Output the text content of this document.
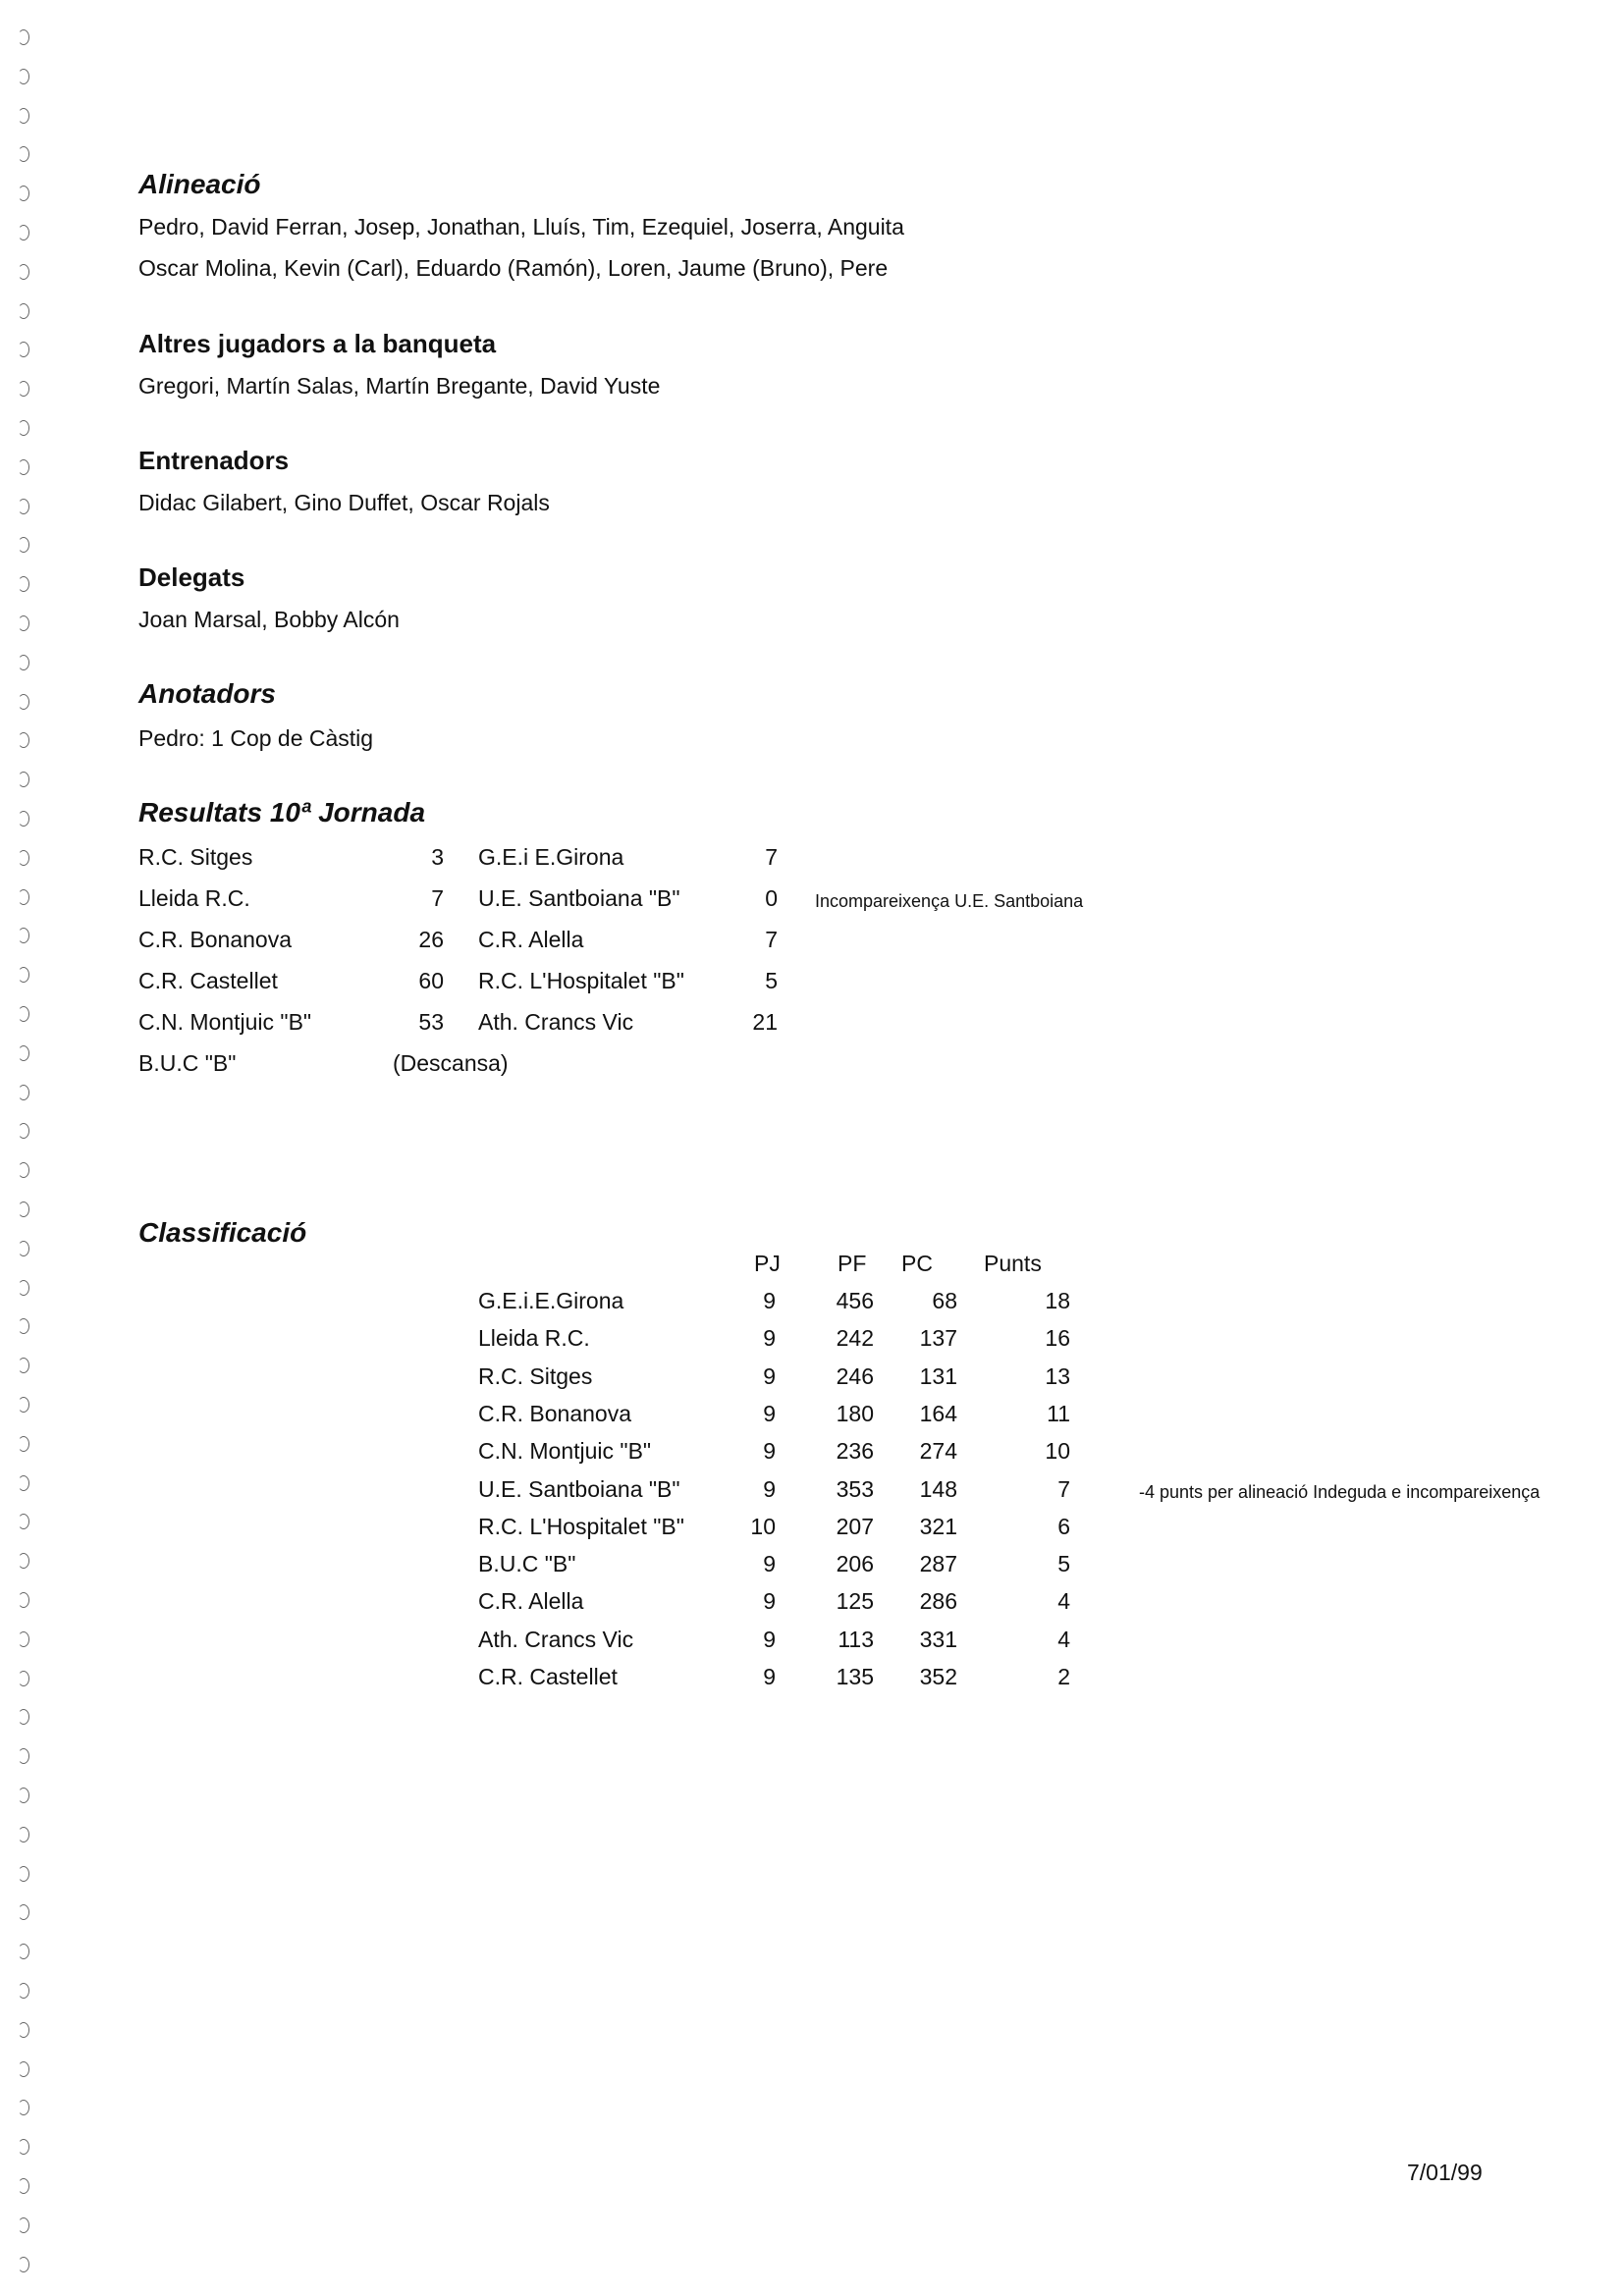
Alineació
Pedro, David Ferran, Josep, Jonathan, Lluís, Tim, Ezequiel, Joserra, Anguita
Oscar Molina, Kevin (Carl), Eduardo (Ramón), Loren, Jaume (Bruno), Pere
Altres jugadors a la banqueta
Gregori, Martín Salas, Martín Bregante, David Yuste
Entrenadors
Didac Gilabert, Gino Duffet, Oscar Rojals
Delegats
Joan Marsal, Bobby Alcón
Anotadors
Pedro: 1 Cop de Càstig
Resultats 10ª Jornada
R.C. Sitges	3 G.E.i E.Girona	7
Lleida R.C.	7 U.E. Santboiana "B"	0 Incompareixença U.E. Santboiana
C.R. Bonanova	26 C.R. Alella	7
C.R. Castellet	60 R.C. L'Hospitalet "B"	5
C.N. Montjuic "B"	53 Ath. Crancs Vic	21
B.U.C "B"	(Descansa)
Classificació
PJ	PF PC Punts
G.E.i.E.Girona	9	456	68	18
Lleida R.C.	9	242	137	16
R.C. Sitges	9	246	131	13
C.R. Bonanova	9	180	164	11
C.N. Montjuic "B"	9	236	274	10
U.E. Santboiana "B"	9	353	148	7	-4 punts per alineació Indeguda e incompareixença
R.C. L'Hospitalet "B"	10	207	321	6
B.U.C "B"	9	206	287	5
C.R. Alella	9	125	286	4
Ath. Crancs Vic	9	113	331	4
C.R. Castellet	9	135	352	2
7/01/99
